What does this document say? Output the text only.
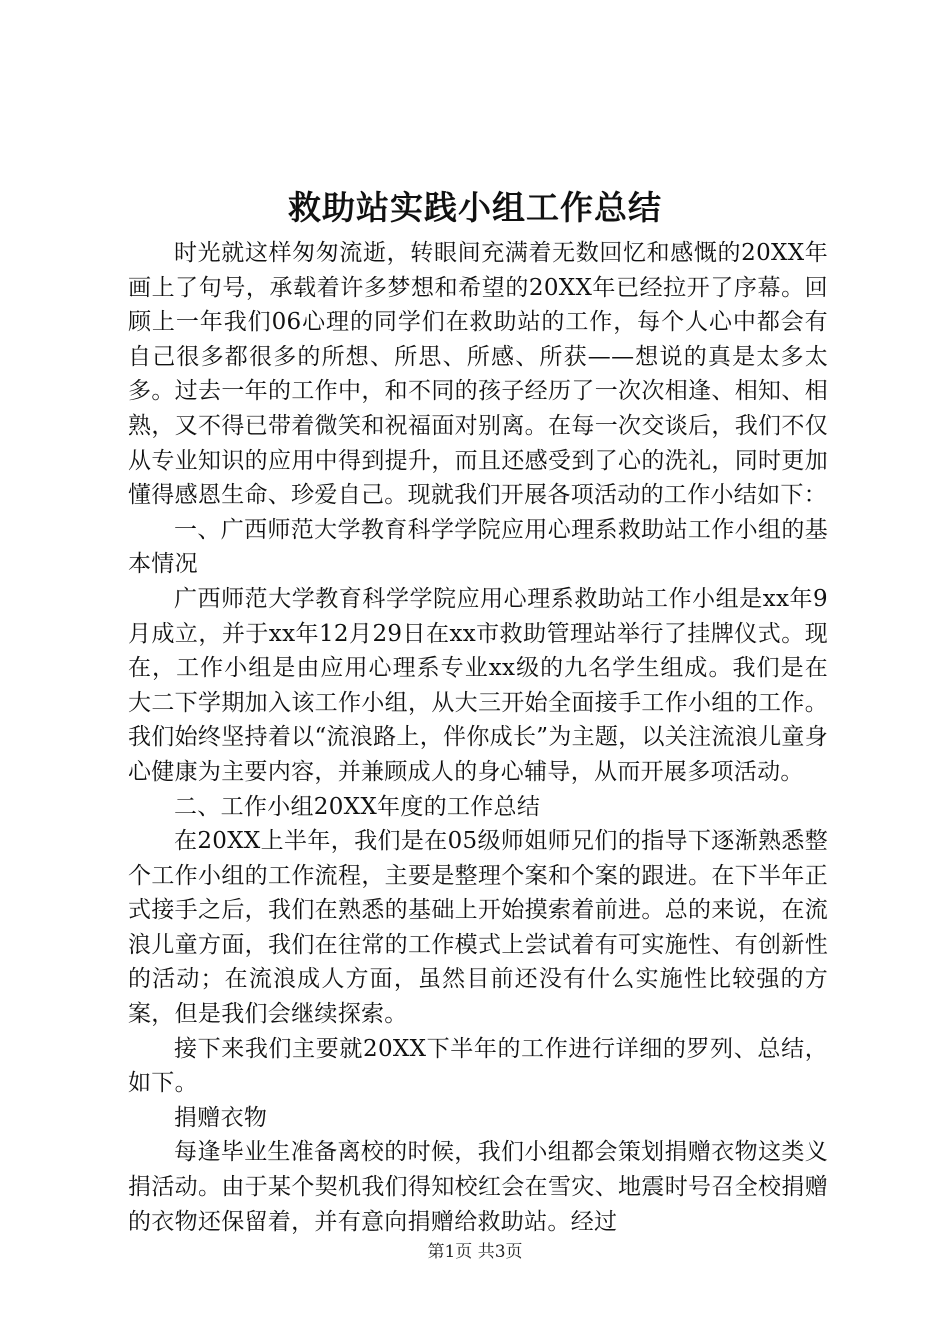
救助站实践小组工作总结

时光就这样匆匆流逝，转眼间充满着无数回忆和感慨的20XX年画上了句号，承载着许多梦想和希望的20XX年已经拉开了序幕。回顾上一年我们06心理的同学们在救助站的工作，每个人心中都会有自己很多都很多的所想、所思、所感、所获——想说的真是太多太多。过去一年的工作中，和不同的孩子经历了一次次相逢、相知、相熟，又不得已带着微笑和祝福面对别离。在每一次交谈后，我们不仅从专业知识的应用中得到提升，而且还感受到了心的洗礼，同时更加懂得感恩生命、珍爱自己。现就我们开展各项活动的工作小结如下：

一、广西师范大学教育科学学院应用心理系救助站工作小组的基本情况

广西师范大学教育科学学院应用心理系救助站工作小组是xx年9月成立，并于xx年12月29日在xx市救助管理站举行了挂牌仪式。现在，工作小组是由应用心理系专业xx级的九名学生组成。我们是在大二下学期加入该工作小组，从大三开始全面接手工作小组的工作。我们始终坚持着以“流浪路上，伴你成长”为主题，以关注流浪儿童身心健康为主要内容，并兼顾成人的身心辅导，从而开展多项活动。

二、工作小组20XX年度的工作总结

在20XX上半年，我们是在05级师姐师兄们的指导下逐渐熟悉整个工作小组的工作流程，主要是整理个案和个案的跟进。在下半年正式接手之后，我们在熟悉的基础上开始摸索着前进。总的来说，在流浪儿童方面，我们在往常的工作模式上尝试着有可实施性、有创新性的活动；在流浪成人方面，虽然目前还没有什么实施性比较强的方案，但是我们会继续探索。

接下来我们主要就20XX下半年的工作进行详细的罗列、总结，如下。

捐赠衣物

每逢毕业生准备离校的时候，我们小组都会策划捐赠衣物这类义捐活动。由于某个契机我们得知校红会在雪灾、地震时号召全校捐赠的衣物还保留着，并有意向捐赠给救助站。经过

第1页 共3页
